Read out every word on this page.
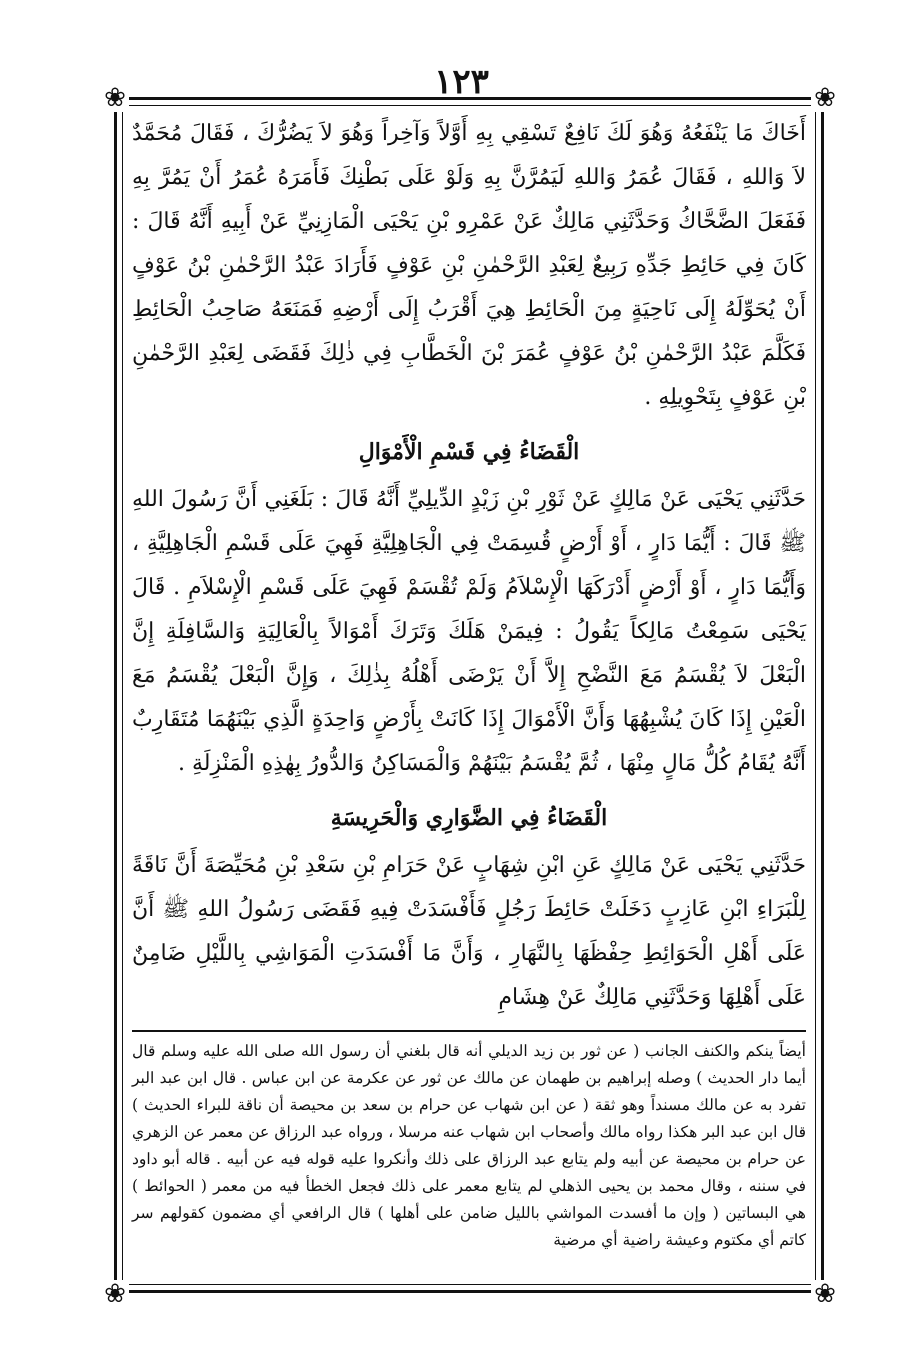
١٢٣
❀	❀
❀	❀

أَخَاكَ مَا يَنْفَعُهُ وَهُوَ لَكَ نَافِعٌ تَسْقِي بِهِ أَوَّلاً وَآخِراً وَهُوَ لاَ يَضُرُّكَ ، فَقَالَ مُحَمَّدٌ لاَ وَاللهِ ، فَقَالَ عُمَرُ وَاللهِ لَيَمُرَّنَّ بِهِ وَلَوْ عَلَى بَطْنِكَ فَأَمَرَهُ عُمَرُ أَنْ يَمُرَّ بِهِ فَفَعَلَ الضَّحَّاكُ وَحَدَّثَنِي مَالِكٌ عَنْ عَمْرِو بْنِ يَحْيَى الْمَازِنِيِّ عَنْ أَبِيهِ أَنَّهُ قَالَ : كَانَ فِي حَائِطِ جَدِّهِ رَبِيعٌ لِعَبْدِ الرَّحْمٰنِ بْنِ عَوْفٍ فَأَرَادَ عَبْدُ الرَّحْمٰنِ بْنُ عَوْفٍ أَنْ يُحَوِّلَهُ إِلَى نَاحِيَةٍ مِنَ الْحَائِطِ هِيَ أَقْرَبُ إِلَى أَرْضِهِ فَمَنَعَهُ صَاحِبُ الْحَائِطِ فَكَلَّمَ عَبْدُ الرَّحْمٰنِ بْنُ عَوْفٍ عُمَرَ بْنَ الْخَطَّابِ فِي ذٰلِكَ فَقَضَى لِعَبْدِ الرَّحْمٰنِ بْنِ عَوْفٍ بِتَحْوِيلِهِ .

الْقَضَاءُ فِي قَسْمِ الْأَمْوَالِ

حَدَّثَنِي يَحْيَى عَنْ مَالِكٍ عَنْ ثَوْرِ بْنِ زَيْدٍ الدِّيلِيِّ أَنَّهُ قَالَ : بَلَغَنِي أَنَّ رَسُولَ اللهِ ﷺ قَالَ : أَيُّمَا دَارٍ ، أَوْ أَرْضٍ قُسِمَتْ فِي الْجَاهِلِيَّةِ فَهِيَ عَلَى قَسْمِ الْجَاهِلِيَّةِ ، وَأَيُّمَا دَارٍ ، أَوْ أَرْضٍ أَدْرَكَهَا الْإِسْلاَمُ وَلَمْ تُقْسَمْ فَهِيَ عَلَى قَسْمِ الْإِسْلاَمِ . قَالَ يَحْيَى سَمِعْتُ مَالِكاً يَقُولُ : فِيمَنْ هَلَكَ وَتَرَكَ أَمْوَالاً بِالْعَالِيَةِ وَالسَّافِلَةِ إِنَّ الْبَعْلَ لاَ يُقْسَمُ مَعَ النَّضْحِ إِلاَّ أَنْ يَرْضَى أَهْلُهُ بِذٰلِكَ ، وَإِنَّ الْبَعْلَ يُقْسَمُ مَعَ الْعَيْنِ إِذَا كَانَ يُشْبِهُهَا وَأَنَّ الْأَمْوَالَ إِذَا كَانَتْ بِأَرْضٍ وَاحِدَةٍ الَّذِي بَيْنَهُمَا مُتَقَارِبٌ أَنَّهُ يُقَامُ كُلُّ مَالٍ مِنْهَا ، ثُمَّ يُقْسَمُ بَيْنَهُمْ وَالْمَسَاكِنُ وَالدُّورُ بِهٰذِهِ الْمَنْزِلَةِ .

الْقَضَاءُ فِي الضَّوَارِي وَالْحَرِيسَةِ

حَدَّثَنِي يَحْيَى عَنْ مَالِكٍ عَنِ ابْنِ شِهَابٍ عَنْ حَرَامِ بْنِ سَعْدِ بْنِ مُحَيِّصَةَ أَنَّ نَاقَةً لِلْبَرَاءِ ابْنِ عَازِبٍ دَخَلَتْ حَائِطَ رَجُلٍ فَأَفْسَدَتْ فِيهِ فَقَضَى رَسُولُ اللهِ ﷺ أَنَّ عَلَى أَهْلِ الْحَوَائِطِ حِفْظَهَا بِالنَّهَارِ ، وَأَنَّ مَا أَفْسَدَتِ الْمَوَاشِي بِاللَّيْلِ ضَامِنٌ عَلَى أَهْلِهَا وَحَدَّثَنِي مَالِكٌ عَنْ هِشَامِ

أيضاً ينكم والكنف الجانب ( عن ثور بن زيد الديلي أنه قال بلغني أن رسول الله صلى الله عليه وسلم قال أيما دار الحديث ) وصله إبراهيم بن طهمان عن مالك عن ثور عن عكرمة عن ابن عباس . قال ابن عبد البر تفرد به عن مالك مسنداً وهو ثقة ( عن ابن شهاب عن حرام بن سعد بن محيصة أن ناقة للبراء الحديث ) قال ابن عبد البر هكذا رواه مالك وأصحاب ابن شهاب عنه مرسلا ، ورواه عبد الرزاق عن معمر عن الزهري عن حرام بن محيصة عن أبيه ولم يتابع عبد الرزاق على ذلك وأنكروا عليه قوله فيه عن أبيه . قاله أبو داود في سننه ، وقال محمد بن يحيى الذهلي لم يتابع معمر على ذلك فجعل الخطأ فيه من معمر ( الحوائط ) هي البساتين ( وإن ما أفسدت المواشي بالليل ضامن على أهلها ) قال الرافعي أي مضمون كقولهم سر كاتم أي مكتوم وعيشة راضية أي مرضية
